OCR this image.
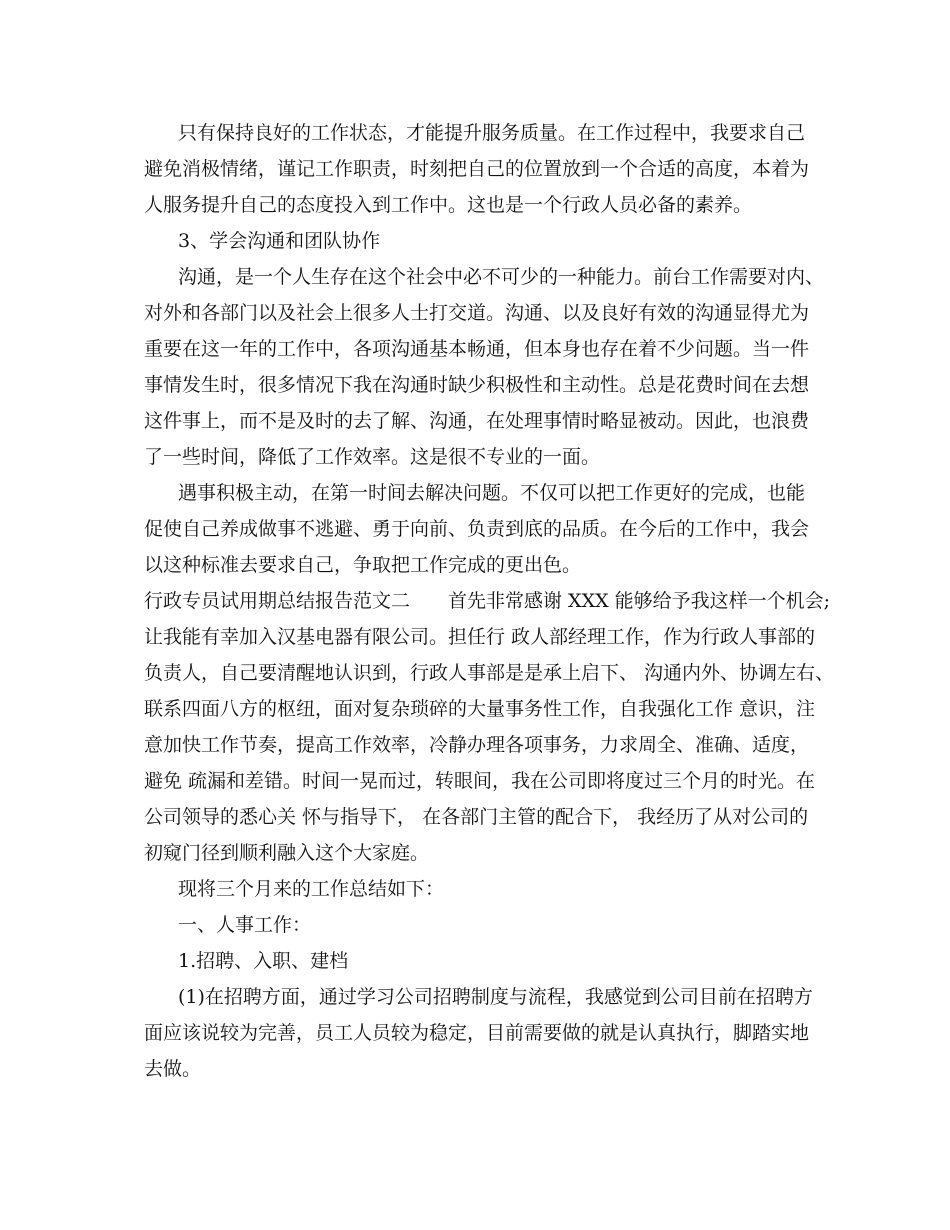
只有保持良好的工作状态，才能提升服务质量。在工作过程中，我要求自己
避免消极情绪，谨记工作职责，时刻把自己的位置放到一个合适的高度，本着为
人服务提升自己的态度投入到工作中。这也是一个行政人员必备的素养。
3、学会沟通和团队协作
沟通，是一个人生存在这个社会中必不可少的一种能力。前台工作需要对内、
对外和各部门以及社会上很多人士打交道。沟通、以及良好有效的沟通显得尤为
重要在这一年的工作中，各项沟通基本畅通，但本身也存在着不少问题。当一件
事情发生时，很多情况下我在沟通时缺少积极性和主动性。总是花费时间在去想
这件事上，而不是及时的去了解、沟通，在处理事情时略显被动。因此，也浪费
了一些时间，降低了工作效率。这是很不专业的一面。
遇事积极主动，在第一时间去解决问题。不仅可以把工作更好的完成，也能
促使自己养成做事不逃避、勇于向前、负责到底的品质。在今后的工作中，我会
以这种标准去要求自己，争取把工作完成的更出色。
行政专员试用期总结报告范文二　　首先非常感谢 XXX 能够给予我这样一个机会;
让我能有幸加入汉基电器有限公司。担任行 政人部经理工作，作为行政人事部的
负责人，自己要清醒地认识到，行政人事部是是承上启下、 沟通内外、协调左右、
联系四面八方的枢纽，面对复杂琐碎的大量事务性工作，自我强化工作 意识，注
意加快工作节奏，提高工作效率，冷静办理各项事务，力求周全、准确、适度，
避免 疏漏和差错。时间一晃而过，转眼间，我在公司即将度过三个月的时光。在
公司领导的悉心关 怀与指导下， 在各部门主管的配合下， 我经历了从对公司的
初窥门径到顺利融入这个大家庭。
现将三个月来的工作总结如下：
一、人事工作：
1.招聘、入职、建档
(1)在招聘方面，通过学习公司招聘制度与流程，我感觉到公司目前在招聘方
面应该说较为完善，员工人员较为稳定，目前需要做的就是认真执行，脚踏实地
去做。
